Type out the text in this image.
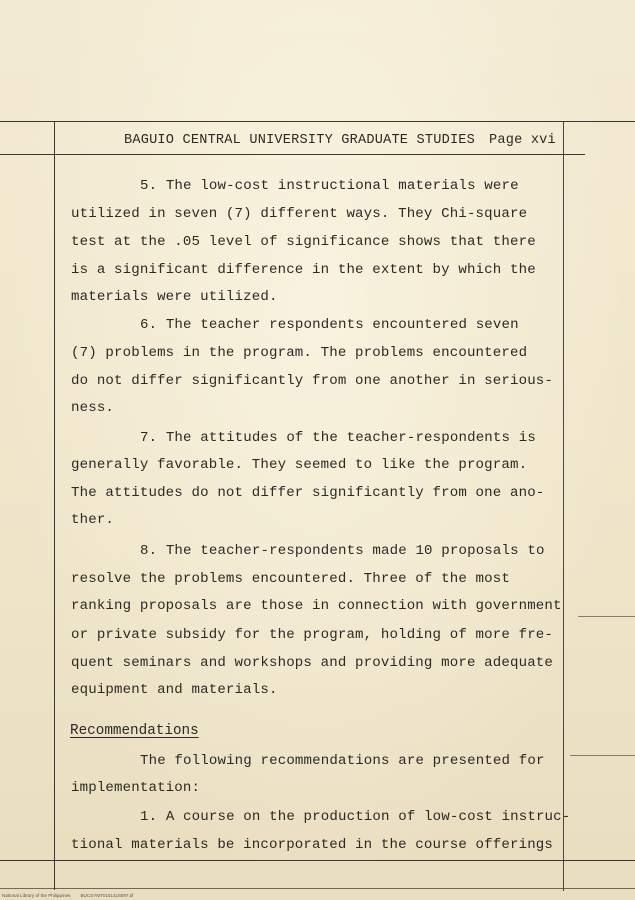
BAGUIO CENTRAL UNIVERSITY GRADUATE STUDIES Page xvi
5. The low-cost instructional materials were
utilized in seven (7) different ways. They Chi-square
test at the .05 level of significance shows that there
is a significant difference in the extent by which the
materials were utilized.
6. The teacher respondents encountered seven
(7) problems in the program. The problems encountered
do not differ significantly from one another in serious-
ness.
7. The attitudes of the teacher-respondents is
generally favorable. They seemed to like the program.
The attitudes do not differ significantly from one ano-
ther.
8. The teacher-respondents made 10 proposals to
resolve the problems encountered. Three of the most
ranking proposals are those in connection with government
or private subsidy for the program, holding of more fre-
quent seminars and workshops and providing more adequate
equipment and materials.
Recommendations
The following recommendations are presented for
implementation:
1. A course on the production of low-cost instruc-
tional materials be incorporated in the course offerings
National Library of the Philippines BUCSYMT0151416097.tif
